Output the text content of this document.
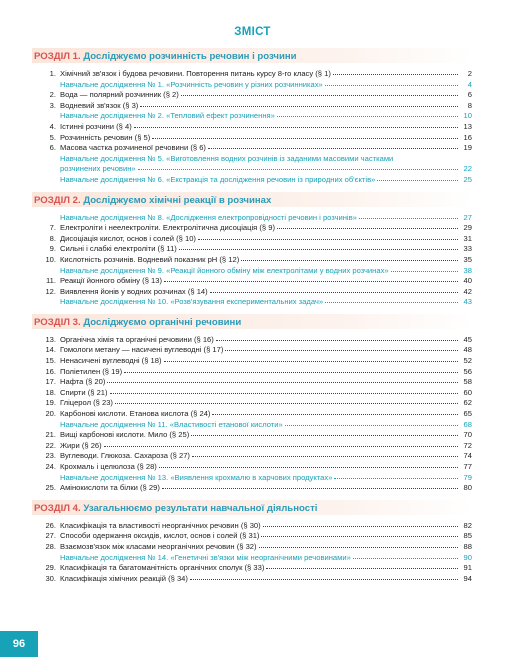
ЗМІСТ
РОЗДІЛ 1. Досліджуємо розчинність речовин і розчини
1. Хімічний зв'язок і будова речовини. Повторення питань курсу 8-го класу (§ 1)	2
Навчальне дослідження № 1. «Розчинність речовин у різних розчинниках»	4
2. Вода — полярний розчинник (§ 2)	6
3. Водневий зв'язок (§ 3)	8
Навчальне дослідження № 2. «Тепловий ефект розчинення»	10
4. Істинні розчини (§ 4)	13
5. Розчинність речовин (§ 5)	16
6. Масова частка розчиненої речовини (§ 6)	19
Навчальне дослідження № 5. «Виготовлення водних розчинів із заданими масовими частками
розчинених речовин»	22
Навчальне дослідження № 6. «Екстракція та дослідження речовин із природних об'єктів»	25
РОЗДІЛ 2. Досліджуємо хімічні реакції в розчинах
Навчальне дослідження № 8. «Дослідження електропровідності речовин і розчинів»	27
7. Електроліти і неелектроліти. Електролітична дисоціація (§ 9)	29
8. Дисоціація кислот, основ і солей (§ 10)	31
9. Сильні і слабкі електроліти (§ 11)	33
10. Кислотність розчинів. Водневий показник pH (§ 12)	35
Навчальне дослідження № 9. «Реакції йонного обміну між електролітами у водних розчинах»	38
11. Реакції йонного обміну (§ 13)	40
12. Виявлення йонів у водних розчинах (§ 14)	42
Навчальне дослідження № 10. «Розв'язування експериментальних задач»	43
РОЗДІЛ 3. Досліджуємо органічні речовини
13. Органічна хімія та органічні речовини (§ 16)	45
14. Гомологи метану — насичені вуглеводні (§ 17)	48
15. Ненасичені вуглеводні (§ 18)	52
16. Поліетилен (§ 19)	56
17. Нафта (§ 20)	58
18. Спирти (§ 21)	60
19. Гліцерол (§ 23)	62
20. Карбонові кислоти. Етанова кислота (§ 24)	65
Навчальне дослідження № 11. «Властивості етанової кислоти»	68
21. Вищі карбонові кислоти. Мило (§ 25)	70
22. Жири (§ 26)	72
23. Вуглеводи. Глюкоза. Сахароза (§ 27)	74
24. Крохмаль і целюлоза (§ 28)	77
Навчальне дослідження № 13. «Виявлення крохмалю в харчових продуктах»	79
25. Амінокислоти та білки (§ 29)	80
РОЗДІЛ 4. Узагальнюємо результати навчальної діяльності
26. Класифікація та властивості неорганічних речовин (§ 30)	82
27. Способи одержання оксидів, кислот, основ і солей (§ 31)	85
28. Взаємозв'язок між класами неорганічних речовин (§ 32)	88
Навчальне дослідження № 14. «Генетичні зв'язки між неорганічними речовинами»	90
29. Класифікація та багатоманітність органічних сполук (§ 33)	91
30. Класифікація хімічних реакцій (§ 34)	94
96
